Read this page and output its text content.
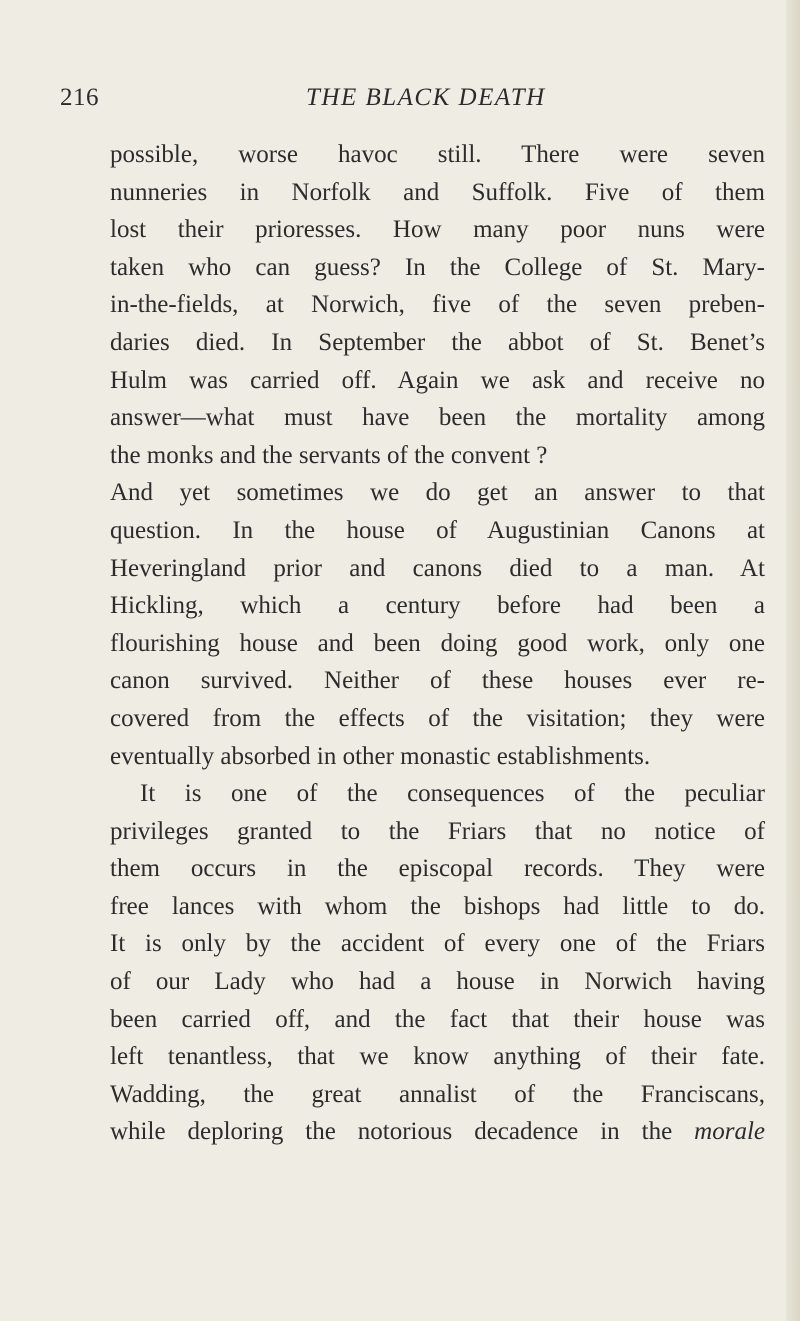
216	THE BLACK DEATH
possible, worse havoc still. There were seven
nunneries in Norfolk and Suffolk. Five of them
lost their prioresses. How many poor nuns were
taken who can guess? In the College of St. Mary-
in-the-fields, at Norwich, five of the seven preben-
daries died. In September the abbot of St. Benet’s
Hulm was carried off. Again we ask and receive no
answer—what must have been the mortality among
the monks and the servants of the convent ?
And yet sometimes we do get an answer to that
question. In the house of Augustinian Canons at
Heveringland prior and canons died to a man. At
Hickling, which a century before had been a
flourishing house and been doing good work, only one
canon survived. Neither of these houses ever re-
covered from the effects of the visitation; they were
eventually absorbed in other monastic establishments.
It is one of the consequences of the peculiar
privileges granted to the Friars that no notice of
them occurs in the episcopal records. They were
free lances with whom the bishops had little to do.
It is only by the accident of every one of the Friars
of our Lady who had a house in Norwich having
been carried off, and the fact that their house was
left tenantless, that we know anything of their fate.
Wadding, the great annalist of the Franciscans,
while deploring the notorious decadence in the morale
